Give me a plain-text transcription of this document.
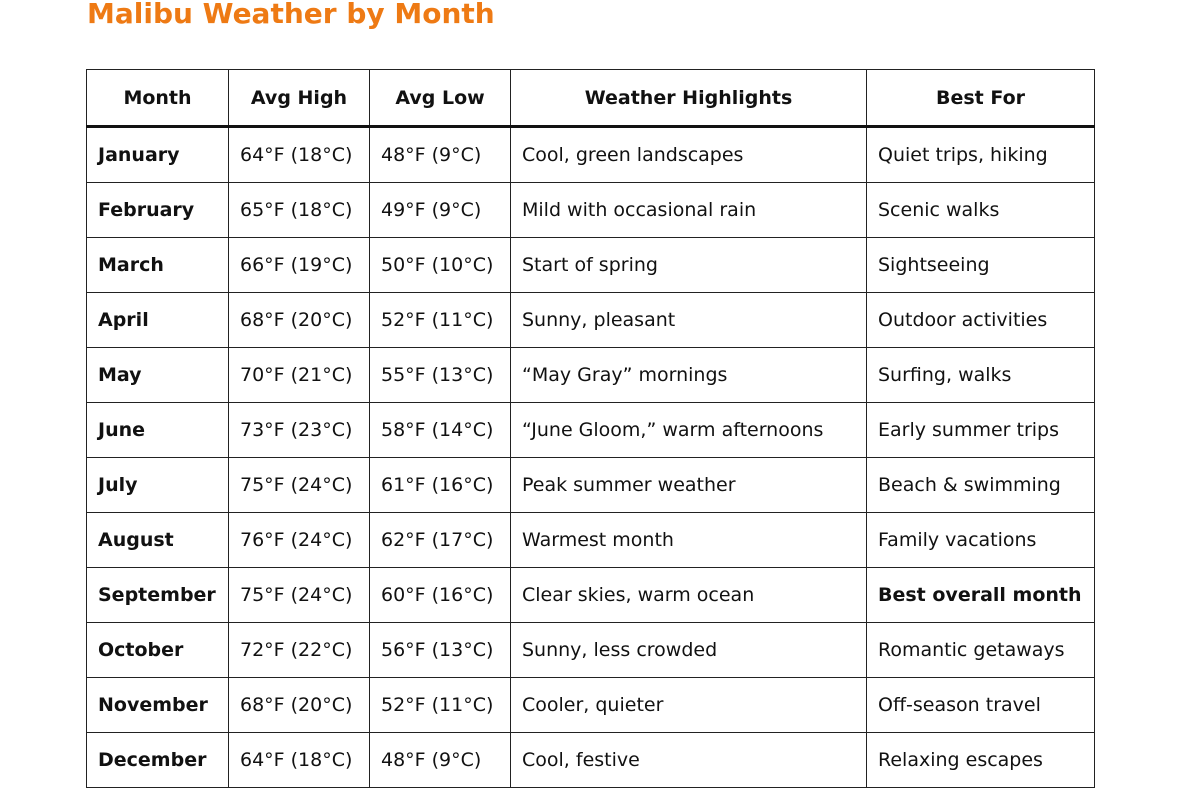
Malibu Weather by Month
Month	Avg High	Avg Low	Weather Highlights	Best For
January	64°F (18°C)	48°F (9°C)	Cool, green landscapes	Quiet trips, hiking
February	65°F (18°C)	49°F (9°C)	Mild with occasional rain	Scenic walks
March	66°F (19°C)	50°F (10°C)	Start of spring	Sightseeing
April	68°F (20°C)	52°F (11°C)	Sunny, pleasant	Outdoor activities
May	70°F (21°C)	55°F (13°C)	“May Gray” mornings	Surfing, walks
June	73°F (23°C)	58°F (14°C)	“June Gloom,” warm afternoons	Early summer trips
July	75°F (24°C)	61°F (16°C)	Peak summer weather	Beach & swimming
August	76°F (24°C)	62°F (17°C)	Warmest month	Family vacations
September	75°F (24°C)	60°F (16°C)	Clear skies, warm ocean	Best overall month
October	72°F (22°C)	56°F (13°C)	Sunny, less crowded	Romantic getaways
November	68°F (20°C)	52°F (11°C)	Cooler, quieter	Off-season travel
December	64°F (18°C)	48°F (9°C)	Cool, festive	Relaxing escapes
